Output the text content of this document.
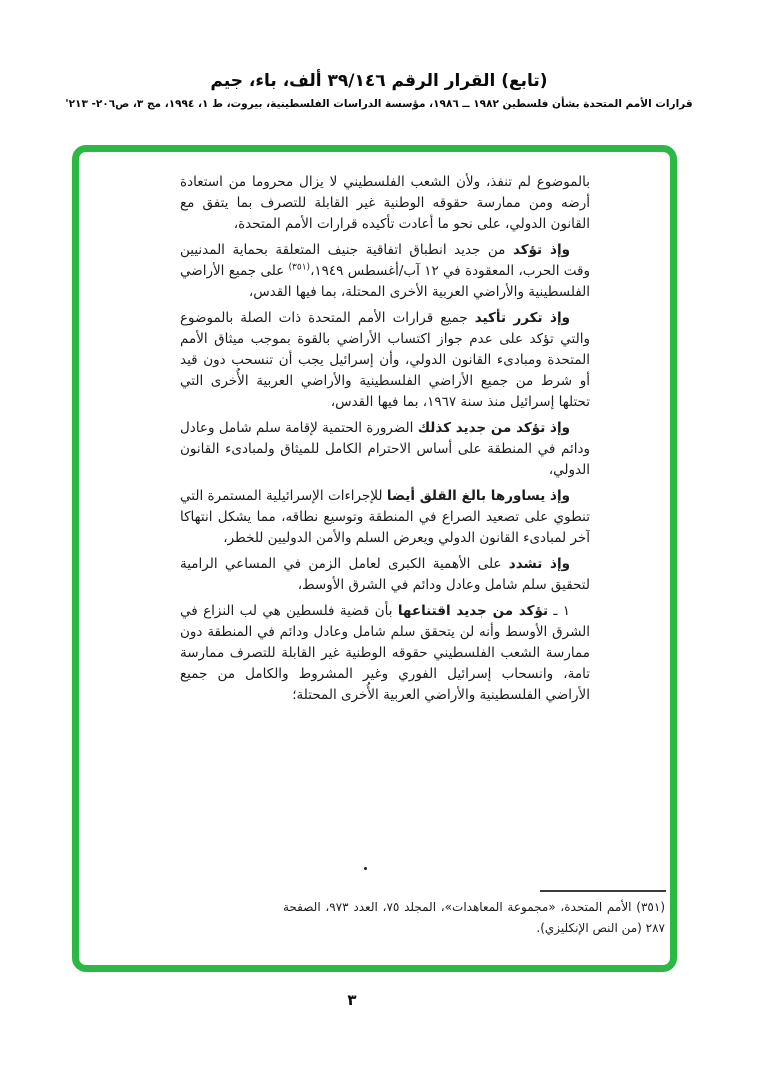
(تابع) القرار الرقم ٣٩/١٤٦ ألف، باء، جيم
قرارات الأمم المتحدة بشأن فلسطين ١٩٨٢ ــ ١٩٨٦، مؤسسة الدراسات الفلسطينية، بيروت، ط ١، ١٩٩٤، مج ٣، ص٢٠٦- ٢١٣'

بالموضوع لم تنفذ، ولأن الشعب الفلسطيني لا يزال محروما من استعادة أرضه ومن ممارسة حقوقه الوطنية غير القابلة للتصرف بما يتفق مع القانون الدولي، على نحو ما أعادت تأكيده قرارات الأمم المتحدة،

وإذ تؤكد من جديد انطباق اتفاقية جنيف المتعلقة بحماية المدنيين وقت الحرب، المعقودة في ١٢ آب/أغسطس ١٩٤٩،$^{(٣٥١)}$ على جميع الأراضي الفلسطينية والأراضي العربية الأخرى المحتلة، بما فيها القدس،

وإذ تكرر تأكيد جميع قرارات الأمم المتحدة ذات الصلة بالموضوع والتي تؤكد على عدم جواز اكتساب الأراضي بالقوة بموجب ميثاق الأمم المتحدة ومبادىء القانون الدولي، وأن إسرائيل يجب أن تنسحب دون قيد أو شرط من جميع الأراضي الفلسطينية والأراضي العربية الأُخرى التي تحتلها إسرائيل منذ سنة ١٩٦٧، بما فيها القدس،

وإذ تؤكد من جديد كذلك الضرورة الحتمية لإقامة سلم شامل وعادل ودائم في المنطقة على أساس الاحترام الكامل للميثاق ولمبادىء القانون الدولي،

وإذ يساورها بالغ القلق أيضا للإجراءات الإسرائيلية المستمرة التي تنطوي على تصعيد الصراع في المنطقة وتوسيع نطاقه، مما يشكل انتهاكا آخر لمبادىء القانون الدولي ويعرض السلم والأمن الدوليين للخطر،

وإذ تشدد على الأهمية الكبرى لعامل الزمن في المساعي الرامية لتحقيق سلم شامل وعادل ودائم في الشرق الأوسط،

١ ـ تؤكد من جديد اقتناعها بأن قضية فلسطين هي لب النزاع في الشرق الأوسط وأنه لن يتحقق سلم شامل وعادل ودائم في المنطقة دون ممارسة الشعب الفلسطيني حقوقه الوطنية غير القابلة للتصرف ممارسة تامة، وانسحاب إسرائيل الفوري وغير المشروط والكامل من جميع الأراضي الفلسطينية والأراضي العربية الأُخرى المحتلة؛

(٣٥١) الأمم المتحدة، «مجموعة المعاهدات»، المجلد ٧٥، العدد ٩٧٣، الصفحة ٢٨٧ (من النص الإنكليزي).
٣
